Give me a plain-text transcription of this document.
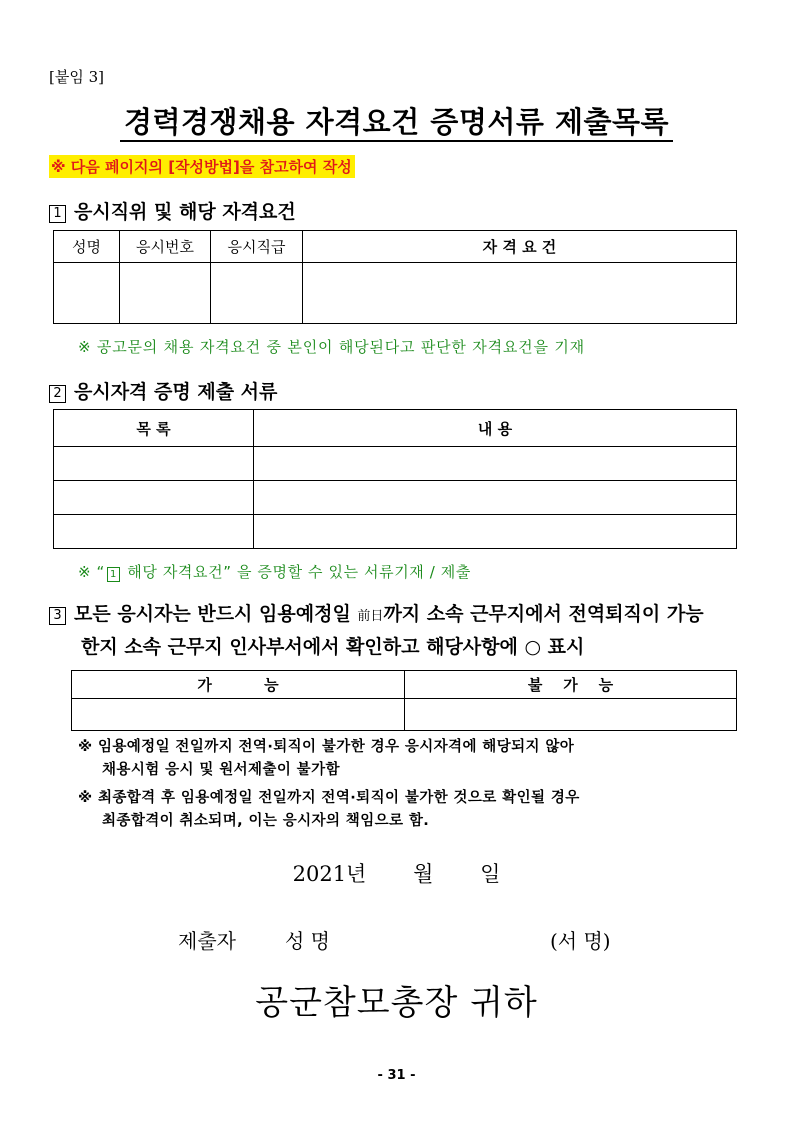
[붙임 3]
경력경쟁채용 자격요건 증명서류 제출목록
※ 다음 페이지의 [작성방법]을 참고하여 작성
1 응시직위 및 해당 자격요건
성명	응시번호	응시직급	자 격 요 건

※ 공고문의 채용 자격요건 중 본인이 해당된다고 판단한 자격요건을 기재
2 응시자격 증명 제출 서류
목 록	내 용

※ “ 1 해당 자격요건” 을 증명할 수 있는 서류기재 / 제출
3 모든 응시자는 반드시 임용예정일 前日까지 소속 근무지에서 전역퇴직이 가능
한지 소속 근무지 인사부서에서 확인하고 해당사항에 ○ 표시
가          능	불    가    능

※ 임용예정일 전일까지 전역·퇴직이 불가한 경우 응시자격에 해당되지 않아
채용시험 응시 및 원서제출이 불가함
※ 최종합격 후 임용예정일 전일까지 전역·퇴직이 불가한 것으로 확인될 경우
최종합격이 취소되며, 이는 응시자의 책임으로 함.
2021년       월       일
제출자 성 명	(서 명)
공군참모총장 귀하
- 31 -
